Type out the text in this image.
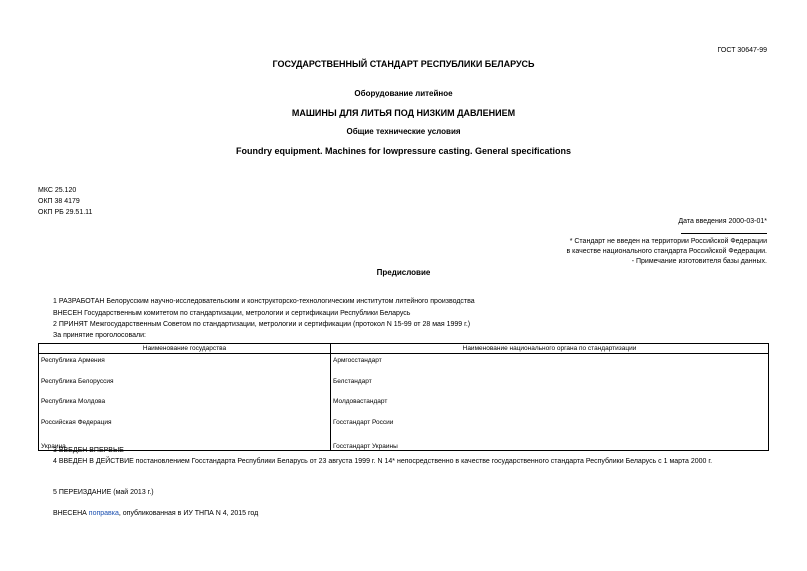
ГОСТ 30647-99
ГОСУДАРСТВЕННЫЙ СТАНДАРТ РЕСПУБЛИКИ БЕЛАРУСЬ
Оборудование литейное
МАШИНЫ ДЛЯ ЛИТЬЯ ПОД НИЗКИМ ДАВЛЕНИЕМ
Общие технические условия
Foundry equipment. Machines for lowpressure casting. General specifications
МКС 25.120
ОКП 38 4179
ОКП РБ 29.51.11
Дата введения 2000-03-01*
* Стандарт не введен на территории Российской Федерации
в качестве национального стандарта Российской Федерации.
- Примечание изготовителя базы данных.
Предисловие
1 РАЗРАБОТАН Белорусским научно-исследовательским и конструкторско-технологическим институтом литейного производства
ВНЕСЕН Государственным комитетом по стандартизации, метрологии и сертификации Республики Беларусь
2 ПРИНЯТ Межгосударственным Советом по стандартизации, метрологии и сертификации (протокол N 15-99 от 28 мая 1999 г.)
За принятие проголосовали:
Наименование государства	Наименование национального органа по стандартизации
Республика Армения	Армгосстандарт
Республика Белоруссия	Белстандарт
Республика Молдова	Молдовастандарт
Российская Федерация	Госстандарт России
Украина	Госстандарт Украины
3 ВВЕДЕН ВПЕРВЫЕ
4 ВВЕДЕН В ДЕЙСТВИЕ постановлением Госстандарта Республики Беларусь от 23 августа 1999 г. N 14* непосредственно в качестве государственного стандарта Республики Беларусь с 1 марта 2000 г.
5 ПЕРЕИЗДАНИЕ (май 2013 г.)
ВНЕСЕНА поправка, опубликованная в ИУ ТНПА N 4, 2015 год
